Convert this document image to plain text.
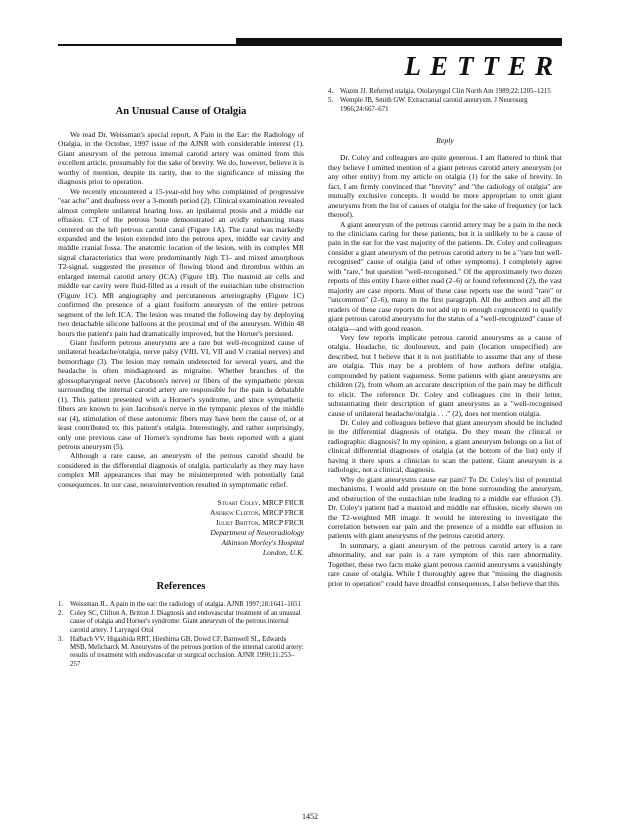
LETTER
An Unusual Cause of Otalgia

We read Dr. Weissman's special report, A Pain in the Ear: the Radiology of Otalgia, in the October, 1997 issue of the AJNR with considerable interest (1). Giant aneurysm of the petrous internal carotid artery was omitted from this excellent article, presumably for the sake of brevity. We do, however, believe it is worthy of mention, despite its rarity, due to the significance of missing the diagnosis prior to operation.

We recently encountered a 15-year-old boy who complained of progressive "ear ache" and deafness over a 3-month period (2). Clinical examination revealed almost complete unilateral hearing loss, an ipsilateral ptosis and a middle ear effusion. CT of the petrous bone demonstrated an avidly enhancing mass centered on the left petrous carotid canal (Figure 1A). The canal was markedly expanded and the lesion extended into the petrous apex, middle ear cavity and middle cranial fossa. The anatomic location of the lesion, with its complex MR signal characteristics that were predominantly high T1- and mixed amorphous T2-signal, suggested the presence of flowing blood and thrombus within an enlarged internal carotid artery (ICA) (Figure 1B). The mastoid air cells and middle ear cavity were fluid-filled as a result of the eustachian tube obstruction (Figure 1C). MR angiography and percutaneous arteriography (Figure 1C) confirmed the presence of a giant fusiform aneurysm of the entire petrous segment of the left ICA. The lesion was treated the following day by deploying two detachable silicone balloons at the proximal end of the aneurysm. Within 48 hours the patient's pain had dramatically improved, but the Horner's persisted.

Giant fusiform petrous aneurysms are a rare but well-recognized cause of unilateral headache/otalgia, nerve palsy (VIII, VI, VII and V cranial nerves) and hemorrhage (3). The lesion may remain undetected for several years, and the headache is often misdiagnosed as migraine. Whether branches of the glossopharyngeal nerve (Jacobson's nerve) or fibers of the sympathetic plexus surrounding the internal carotid artery are responsible for the pain is debatable (1). This patient presented with a Horner's syndrome, and since sympathetic fibers are known to join Jacobson's nerve in the tympanic plexus of the middle ear (4), stimulation of these autonomic fibers may have been the cause of, or at least contributed to, this patient's otalgia. Interestingly, and rather surprisingly, only one previous case of Horner's syndrome has been reported with a giant petrous aneurysm (5).

Although a rare cause, an aneurysm of the petrous carotid should be considered in the differential diagnosis of otalgia, particularly as they may have complex MR appearances that may be misinterpreted with potentially fatal consequences. In our case, neurointervention resulted in symptomatic relief.

Stuart Coley, MRCP FRCR
Andrew Clifton, MRCP FRCR
Juliet Britton, MRCP FRCR
Department of Neuroradiology
Atkinson Morley's Hospital
London, U.K.
References
1. Weissman JL. A pain in the ear: the radiology of otalgia. AJNR 1997;18:1641–1651
2. Coley SC, Clifton A, Britton J. Diagnosis and endovascular treatment of an unusual cause of otalgia and Horner's syndrome: Giant aneurysm of the petrous internal carotid artery. J Laryngol Otol
3. Halbach VV, Higashida RRT, Hieshima GB, Dowd CF, Barnwell SL, Edwards MSB, Melicharck M. Aneurysms of the petrous portion of the internal carotid artery: results of treatment with endovascular or surgical occlusion. AJNR 1990;11:253–257
4. Wazen JJ. Referred otalgia. Otolaryngol Clin North Am 1989;22:1205–1215
5. Wemple JB, Smith GW. Extracranial carotid aneurysm. J Neurosurg 1966;24:667–671
Reply

Dr. Coley and colleagues are quite generous. I am flattered to think that they believe I omitted mention of a giant petrous carotid artery aneurysm (or any other entity) from my article on otalgia (1) for the sake of brevity. In fact, I am firmly convinced that "brevity" and "the radiology of otalgia" are mutually exclusive concepts. It would be more appropriate to omit giant aneurysms from the list of causes of otalgia for the sake of frequency (or lack thereof).

A giant aneurysm of the petrous carotid artery may be a pain in the neck to the clinicians caring for these patients, but it is unlikely to be a cause of pain in the ear for the vast majority of the patients. Dr. Coley and colleagues consider a giant aneurysm of the petrous carotid artery to be a "rare but well-recognised" cause of otalgia (and of other symptoms). I completely agree with "rare," but question "well-recognised." Of the approximately two dozen reports of this entity I have either read (2–6) or found referenced (2), the vast majority are case reports. Most of these case reports use the word "rare" or "uncommon" (2–6), many in the first paragraph. All the authors and all the readers of these case reports do not add up to enough cognoscenti to qualify giant petrous carotid aneurysms for the status of a "well-recognized" cause of otalgia—and with good reason.

Very few reports implicate petrous carotid aneurysms as a cause of otalgia. Headache, tic douloureux, and pain (location unspecified) are described, but I believe that it is not justifiable to assume that any of these are otalgia. This may be a problem of how authors define otalgia, compounded by patient vagueness. Some patients with giant aneurysms are children (2), from whom an accurate description of the pain may be difficult to elicit. The reference Dr. Coley and colleagues cite in their letter, substantiating their description of giant aneurysms as a "well-recognised cause of unilateral headache/otalgia . . ." (2), does not mention otalgia.

Dr. Coley and colleagues believe that giant aneurysm should be included in the differential diagnosis of otalgia. Do they mean the clinical or radiographic diagnosis? In my opinion, a giant aneurysm belongs on a list of clinical differential diagnoses of otalgia (at the bottom of the list) only if having it there spurs a clinician to scan the patient. Giant aneurysm is a radiologic, not a clinical, diagnosis.

Why do giant aneurysms cause ear pain? To Dr. Coley's list of potential mechanisms, I would add pressure on the bone surrounding the aneurysm, and obstruction of the eustachian tube leading to a middle ear effusion (3). Dr. Coley's patient had a mastoid and middle ear effusion, nicely shown on the T2-weighted MR image. It would be interesting to investigate the correlation between ear pain and the presence of a middle ear effusion in patients with giant aneurysms of the petrous carotid artery.

In summary, a giant aneurysm of the petrous carotid artery is a rare abnormality, and ear pain is a rare symptom of this rare abnormality. Together, these two facts make giant petrous carotid aneurysms a vanishingly rare cause of otalgia. While I thoroughly agree that "missing the diagnosis prior to operation" could have dreadful consequences, I also believe that this

1452
